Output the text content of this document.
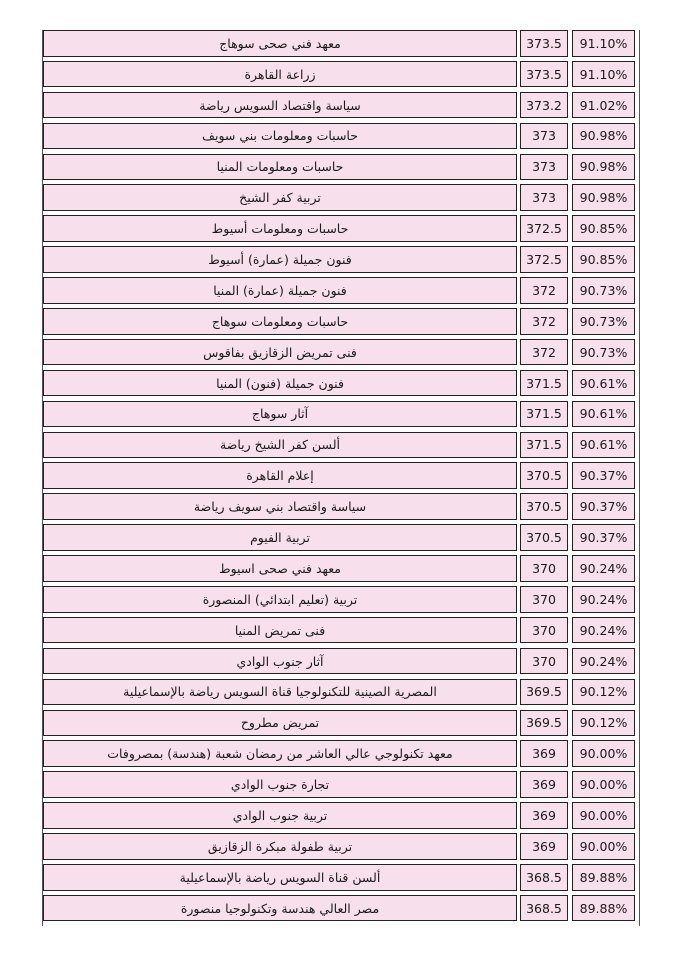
معهد فني صحى سوهاج	373.5	91.10%
زراعة القاهرة	373.5	91.10%
سياسة واقتصاد السويس رياضة	373.2	91.02%
حاسبات ومعلومات بني سويف	373	90.98%
حاسبات ومعلومات المنيا	373	90.98%
تربية كفر الشيخ	373	90.98%
حاسبات ومعلومات أسيوط	372.5	90.85%
فنون جميلة (عمارة) أسيوط	372.5	90.85%
فنون جميلة (عمارة) المنيا	372	90.73%
حاسبات ومعلومات سوهاج	372	90.73%
فنى تمريض الزقازيق بفاقوس	372	90.73%
فنون جميلة (فنون) المنيا	371.5	90.61%
آثار سوهاج	371.5	90.61%
ألسن كفر الشيخ رياضة	371.5	90.61%
إعلام القاهرة	370.5	90.37%
سياسة واقتصاد بني سويف رياضة	370.5	90.37%
تربية الفيوم	370.5	90.37%
معهد فني صحى اسيوط	370	90.24%
تربية (تعليم ابتدائي) المنصورة	370	90.24%
فنى تمريض المنيا	370	90.24%
آثار جنوب الوادي	370	90.24%
المصرية الصينية للتكنولوجيا قناة السويس رياضة بالإسماعيلية	369.5	90.12%
تمريض مطروح	369.5	90.12%
معهد تكنولوجي عالي العاشر من رمضان شعبة (هندسة) بمصروفات	369	90.00%
تجارة جنوب الوادي	369	90.00%
تربية جنوب الوادي	369	90.00%
تربية طفولة مبكرة الزقازيق	369	90.00%
ألسن قناة السويس رياضة بالإسماعيلية	368.5	89.88%
مصر العالي هندسة وتكنولوجيا منصورة	368.5	89.88%
